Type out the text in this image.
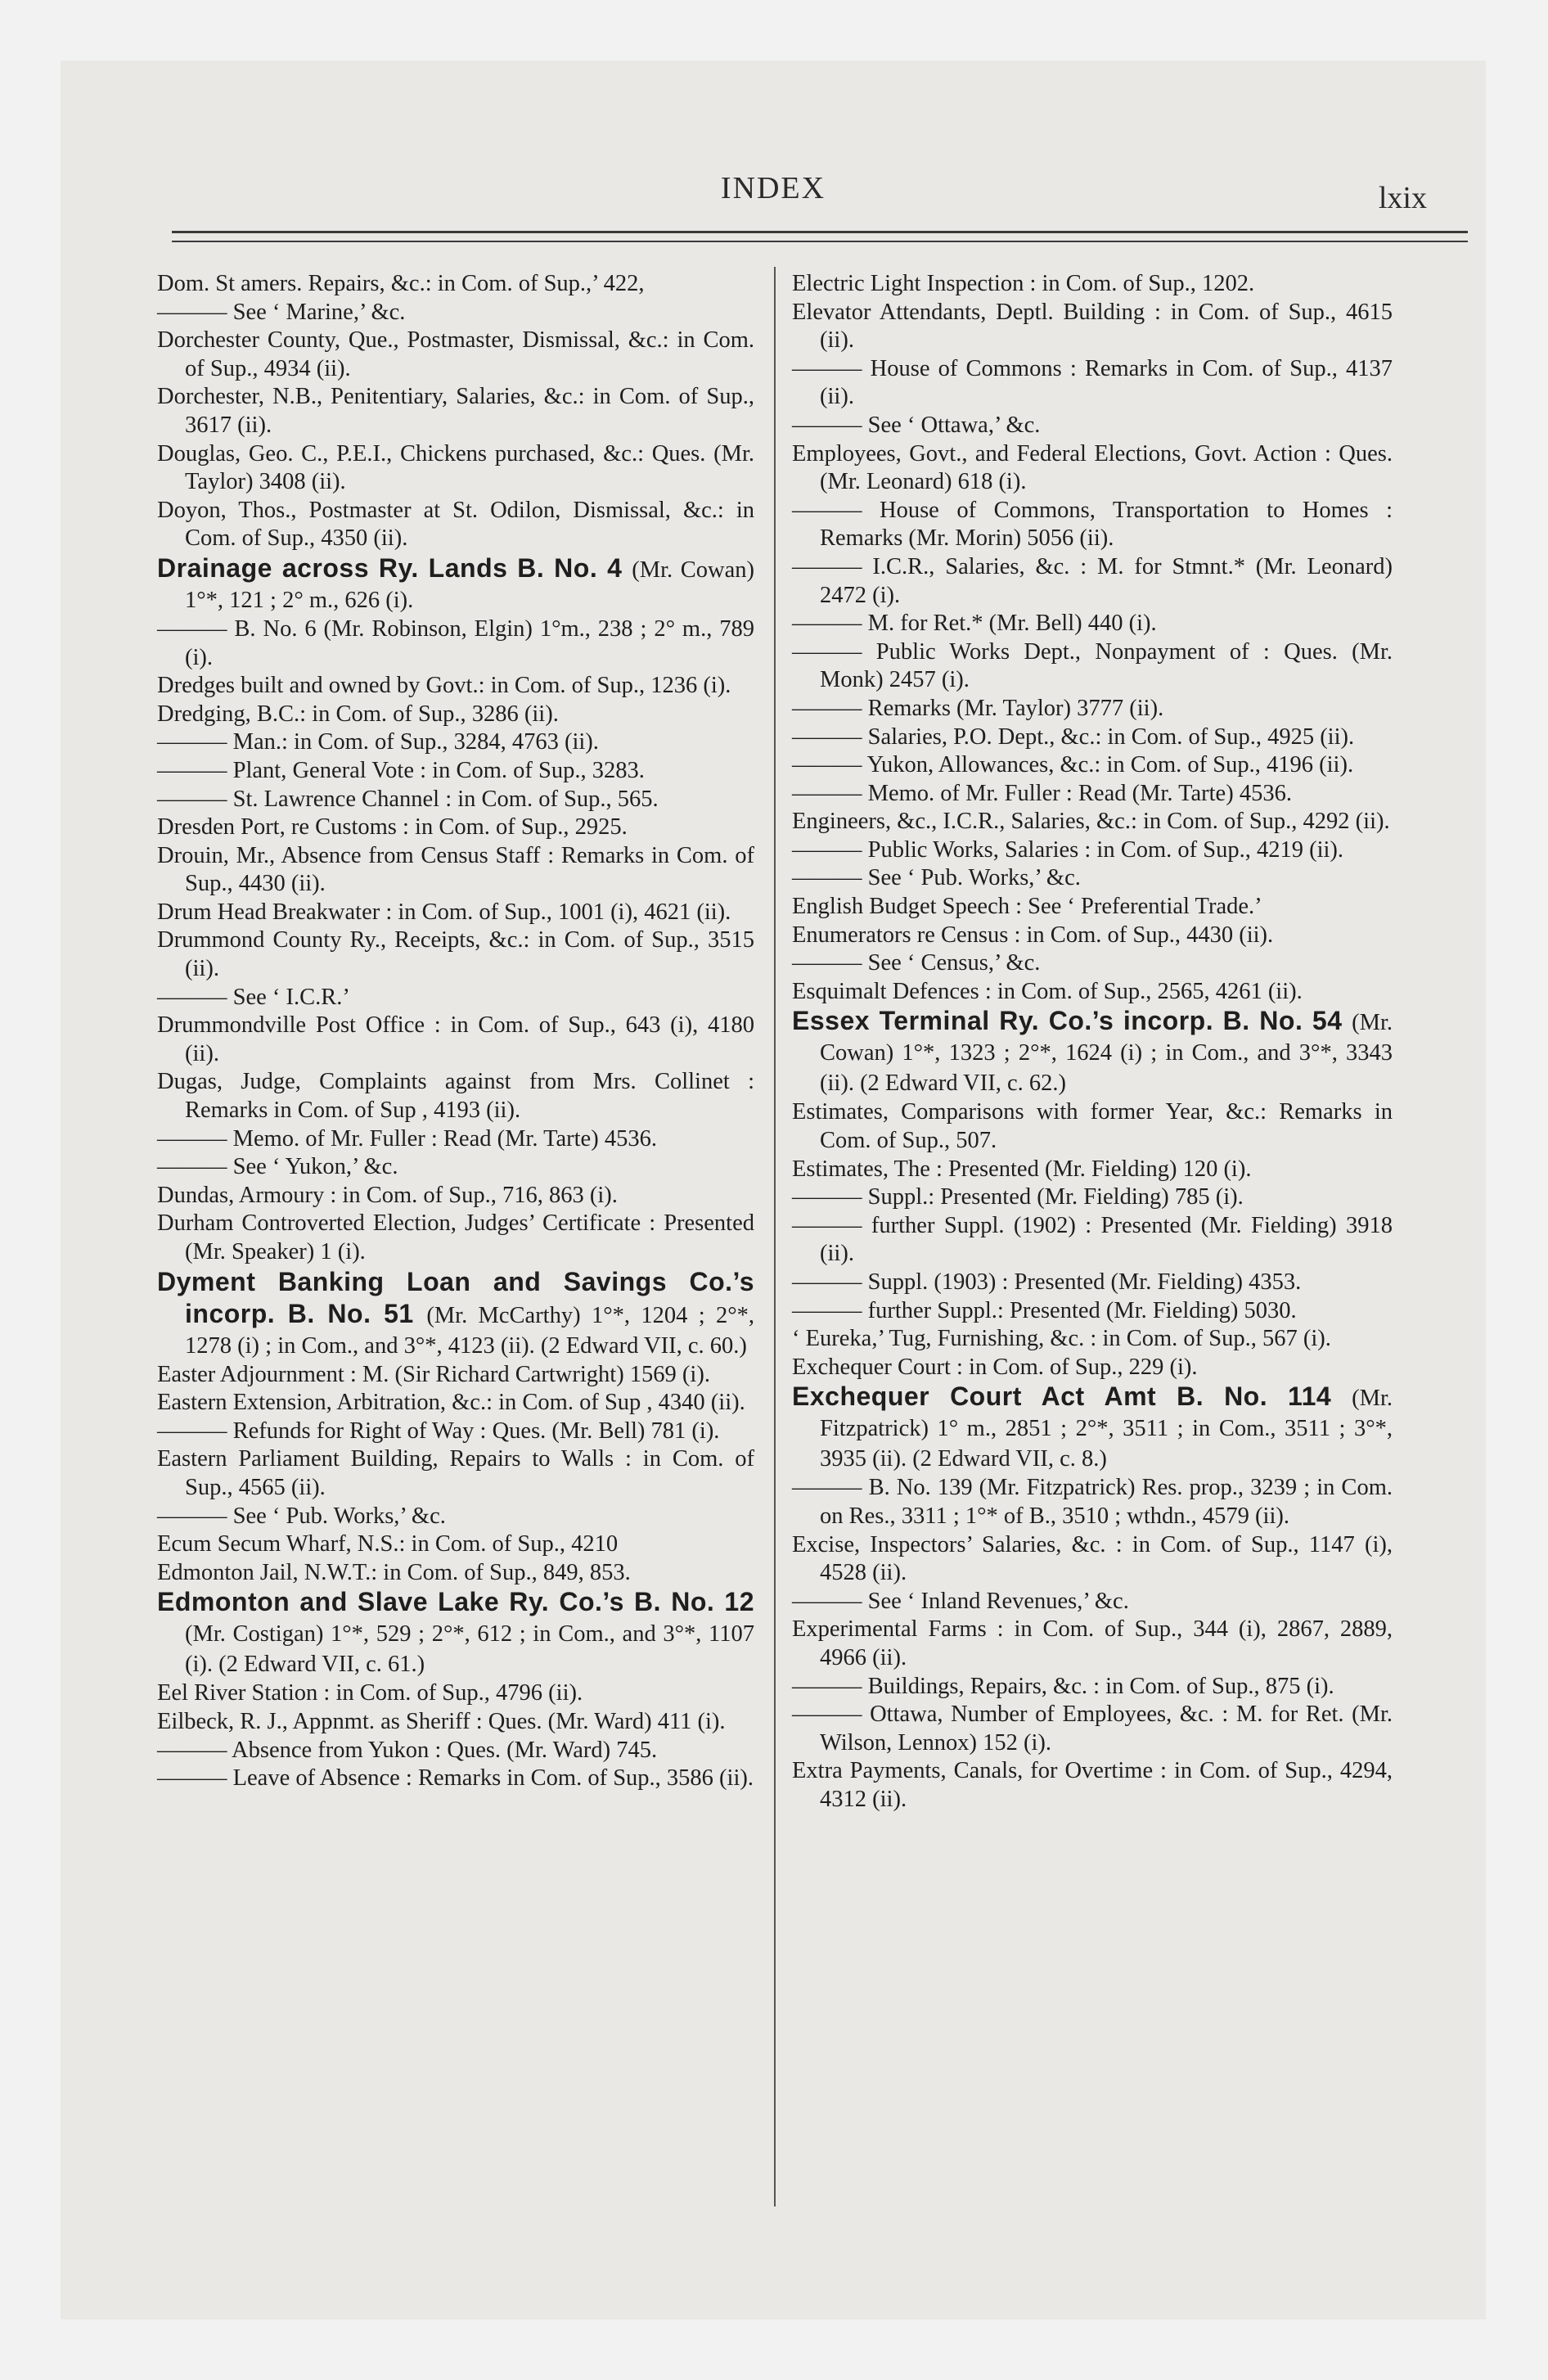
INDEX	lxix

Dom. St amers. Repairs, &c.: in Com. of Sup.,’ 422,

——— See ‘ Marine,’ &c.

Dorchester County, Que., Postmaster, Dismissal, &c.: in Com. of Sup., 4934 (ii).

Dorchester, N.B., Penitentiary, Salaries, &c.: in Com. of Sup., 3617 (ii).

Douglas, Geo. C., P.E.I., Chickens purchased, &c.: Ques. (Mr. Taylor) 3408 (ii).

Doyon, Thos., Postmaster at St. Odilon, Dismissal, &c.: in Com. of Sup., 4350 (ii).

Drainage across Ry. Lands B. No. 4 (Mr. Cowan) 1°*, 121 ; 2° m., 626 (i).

——— B. No. 6 (Mr. Robinson, Elgin) 1°m., 238 ; 2° m., 789 (i).

Dredges built and owned by Govt.: in Com. of Sup., 1236 (i).

Dredging, B.C.: in Com. of Sup., 3286 (ii).

——— Man.: in Com. of Sup., 3284, 4763 (ii).

——— Plant, General Vote : in Com. of Sup., 3283.

——— St. Lawrence Channel : in Com. of Sup., 565.

Dresden Port, re Customs : in Com. of Sup., 2925.

Drouin, Mr., Absence from Census Staff : Remarks in Com. of Sup., 4430 (ii).

Drum Head Breakwater : in Com. of Sup., 1001 (i), 4621 (ii).

Drummond County Ry., Receipts, &c.: in Com. of Sup., 3515 (ii).

——— See ‘ I.C.R.’

Drummondville Post Office : in Com. of Sup., 643 (i), 4180 (ii).

Dugas, Judge, Complaints against from Mrs. Collinet : Remarks in Com. of Sup , 4193 (ii).

——— Memo. of Mr. Fuller : Read (Mr. Tarte) 4536.

——— See ‘ Yukon,’ &c.

Dundas, Armoury : in Com. of Sup., 716, 863 (i).

Durham Controverted Election, Judges’ Certificate : Presented (Mr. Speaker) 1 (i).

Dyment Banking Loan and Savings Co.’s incorp. B. No. 51 (Mr. McCarthy) 1°*, 1204 ; 2°*, 1278 (i) ; in Com., and 3°*, 4123 (ii). (2 Edward VII, c. 60.)

Easter Adjournment : M. (Sir Richard Cartwright) 1569 (i).

Eastern Extension, Arbitration, &c.: in Com. of Sup , 4340 (ii).

——— Refunds for Right of Way : Ques. (Mr. Bell) 781 (i).

Eastern Parliament Building, Repairs to Walls : in Com. of Sup., 4565 (ii).

——— See ‘ Pub. Works,’ &c.

Ecum Secum Wharf, N.S.: in Com. of Sup., 4210

Edmonton Jail, N.W.T.: in Com. of Sup., 849, 853.

Edmonton and Slave Lake Ry. Co.’s B. No. 12 (Mr. Costigan) 1°*, 529 ; 2°*, 612 ; in Com., and 3°*, 1107 (i). (2 Edward VII, c. 61.)

Eel River Station : in Com. of Sup., 4796 (ii).

Eilbeck, R. J., Appnmt. as Sheriff : Ques. (Mr. Ward) 411 (i).

——— Absence from Yukon : Ques. (Mr. Ward) 745.

——— Leave of Absence : Remarks in Com. of Sup., 3586 (ii).

Electric Light Inspection : in Com. of Sup., 1202.

Elevator Attendants, Deptl. Building : in Com. of Sup., 4615 (ii).

——— House of Commons : Remarks in Com. of Sup., 4137 (ii).

——— See ‘ Ottawa,’ &c.

Employees, Govt., and Federal Elections, Govt. Action : Ques. (Mr. Leonard) 618 (i).

——— House of Commons, Transportation to Homes : Remarks (Mr. Morin) 5056 (ii).

——— I.C.R., Salaries, &c. : M. for Stmnt.* (Mr. Leonard) 2472 (i).

——— M. for Ret.* (Mr. Bell) 440 (i).

——— Public Works Dept., Nonpayment of : Ques. (Mr. Monk) 2457 (i).

——— Remarks (Mr. Taylor) 3777 (ii).

——— Salaries, P.O. Dept., &c.: in Com. of Sup., 4925 (ii).

——— Yukon, Allowances, &c.: in Com. of Sup., 4196 (ii).

——— Memo. of Mr. Fuller : Read (Mr. Tarte) 4536.

Engineers, &c., I.C.R., Salaries, &c.: in Com. of Sup., 4292 (ii).

——— Public Works, Salaries : in Com. of Sup., 4219 (ii).

——— See ‘ Pub. Works,’ &c.

English Budget Speech : See ‘ Preferential Trade.’

Enumerators re Census : in Com. of Sup., 4430 (ii).

——— See ‘ Census,’ &c.

Esquimalt Defences : in Com. of Sup., 2565, 4261 (ii).

Essex Terminal Ry. Co.’s incorp. B. No. 54 (Mr. Cowan) 1°*, 1323 ; 2°*, 1624 (i) ; in Com., and 3°*, 3343 (ii). (2 Edward VII, c. 62.)

Estimates, Comparisons with former Year, &c.: Remarks in Com. of Sup., 507.

Estimates, The : Presented (Mr. Fielding) 120 (i).

——— Suppl.: Presented (Mr. Fielding) 785 (i).

——— further Suppl. (1902) : Presented (Mr. Fielding) 3918 (ii).

——— Suppl. (1903) : Presented (Mr. Fielding) 4353.

——— further Suppl.: Presented (Mr. Fielding) 5030.

‘ Eureka,’ Tug, Furnishing, &c. : in Com. of Sup., 567 (i).

Exchequer Court : in Com. of Sup., 229 (i).

Exchequer Court Act Amt B. No. 114 (Mr. Fitzpatrick) 1° m., 2851 ; 2°*, 3511 ; in Com., 3511 ; 3°*, 3935 (ii). (2 Edward VII, c. 8.)

——— B. No. 139 (Mr. Fitzpatrick) Res. prop., 3239 ; in Com. on Res., 3311 ; 1°* of B., 3510 ; wthdn., 4579 (ii).

Excise, Inspectors’ Salaries, &c. : in Com. of Sup., 1147 (i), 4528 (ii).

——— See ‘ Inland Revenues,’ &c.

Experimental Farms : in Com. of Sup., 344 (i), 2867, 2889, 4966 (ii).

——— Buildings, Repairs, &c. : in Com. of Sup., 875 (i).

——— Ottawa, Number of Employees, &c. : M. for Ret. (Mr. Wilson, Lennox) 152 (i).

Extra Payments, Canals, for Overtime : in Com. of Sup., 4294, 4312 (ii).
